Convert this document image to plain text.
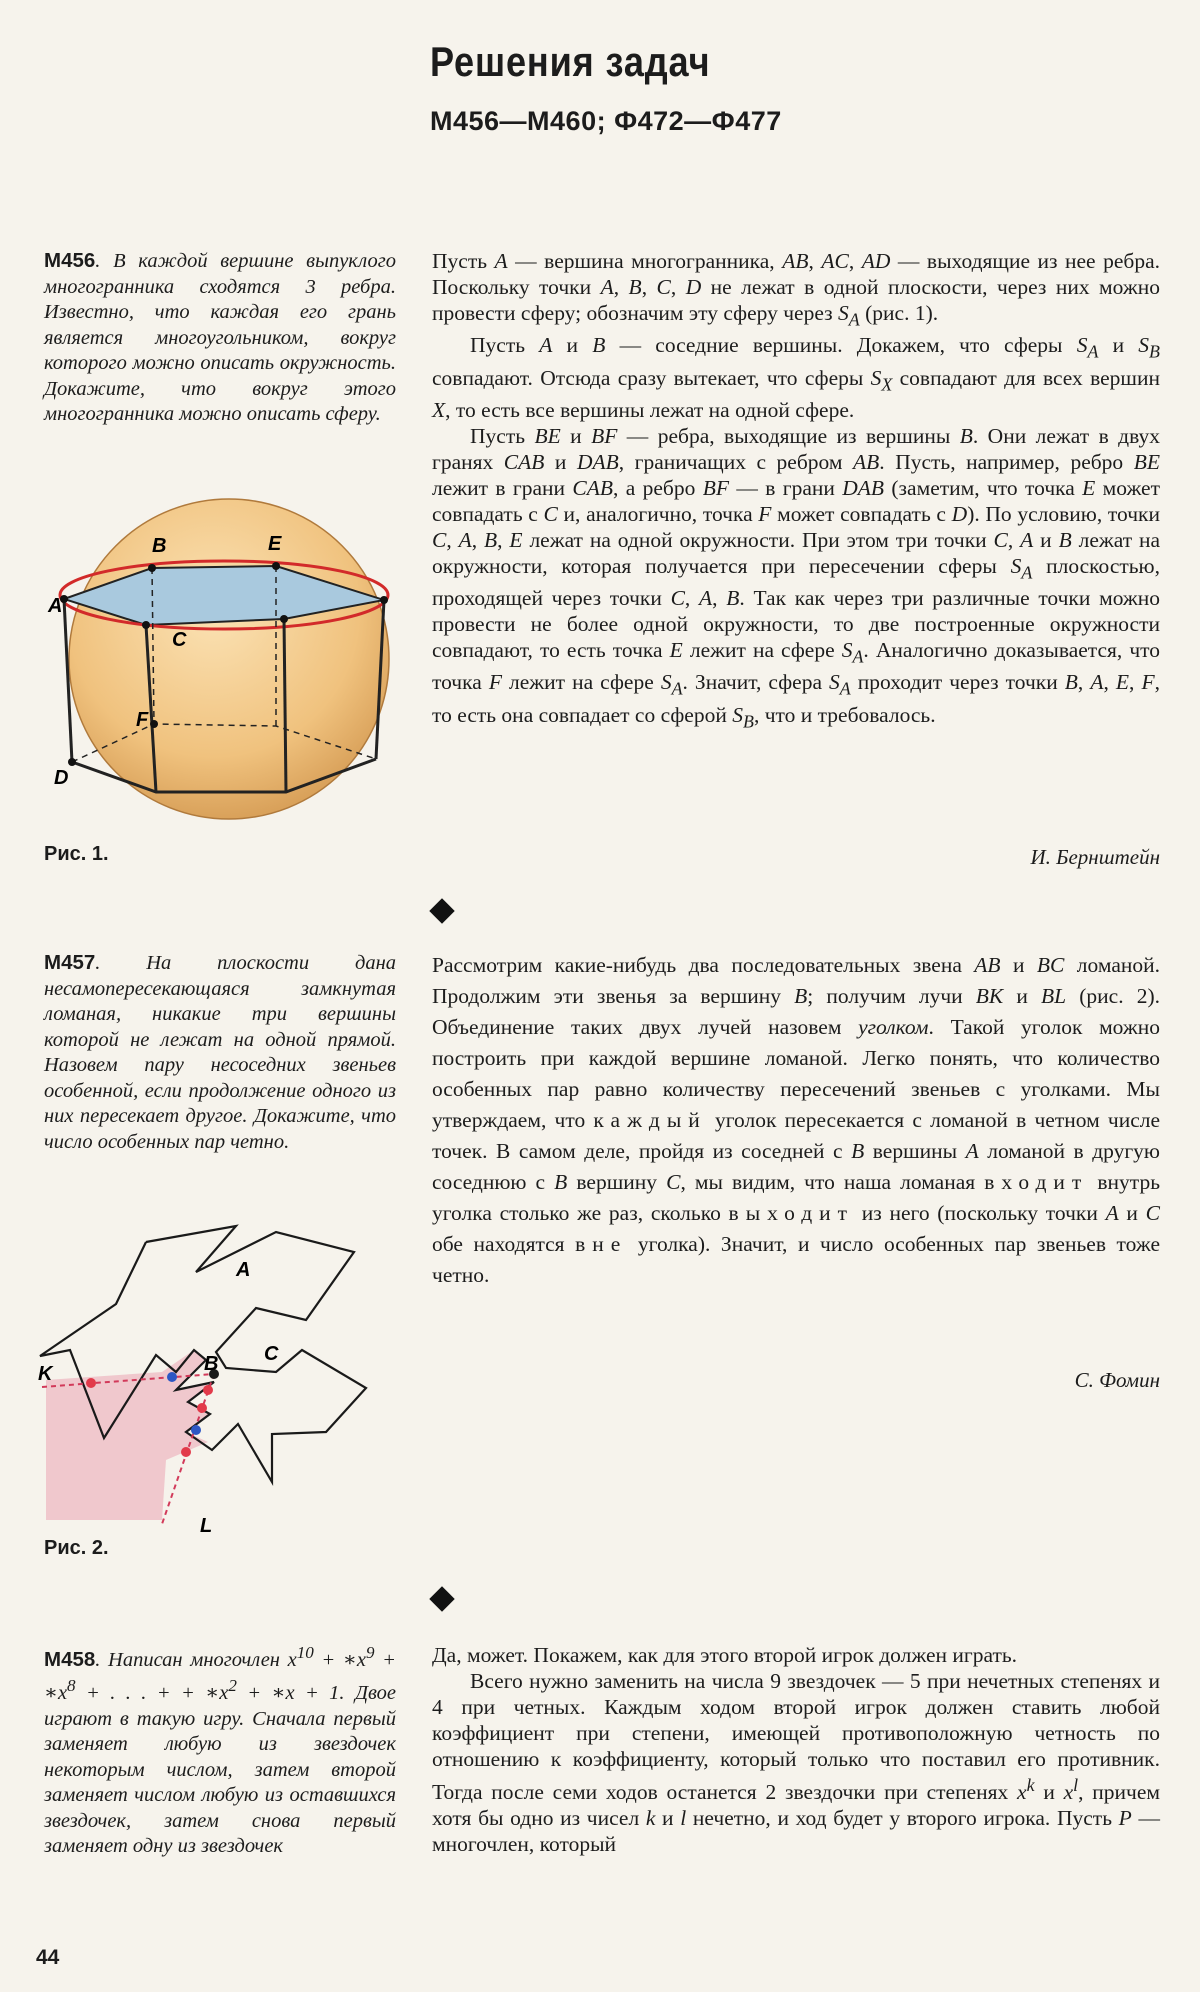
Решения задач
М456—М460; Ф472—Ф477
М456. В каждой вершине выпуклого многогранника сходятся 3 ребра. Известно, что каждая его грань является многоугольником, вокруг которого можно описать окружность. Докажите, что вокруг этого многогранника можно описать сферу.
B	E
A
C
F
D
Рис. 1.

Пусть A — вершина многогранника, AB, AC, AD — выходящие из нее ребра. Поскольку точки A, B, C, D не лежат в одной плоскости, через них можно провести сферу; обозначим эту сферу через $S_A$ (рис. 1).

Пусть A и B — соседние вершины. Докажем, что сферы $S_A$ и $S_B$ совпадают. Отсюда сразу вытекает, что сферы $S_X$ совпадают для всех вершин X, то есть все вершины лежат на одной сфере.

Пусть BE и BF — ребра, выходящие из вершины B. Они лежат в двух гранях CAB и DAB, граничащих с ребром AB. Пусть, например, ребро BE лежит в грани CAB, а ребро BF — в грани DAB (заметим, что точка E может совпадать с C и, аналогично, точка F может совпадать с D). По условию, точки C, A, B, E лежат на одной окружности. При этом три точки C, A и B лежат на окружности, которая получается при пересечении сферы $S_A$ плоскостью, проходящей через точки C, A, B. Так как через три различные точки можно провести не более одной окружности, то две построенные окружности совпадают, то есть точка E лежит на сфере $S_A$. Аналогично доказывается, что точка F лежит на сфере $S_A$. Значит, сфера $S_A$ проходит через точки B, A, E, F, то есть она совпадает со сферой $S_B$, что и требовалось.

И. Бернштейн
М457. На плоскости дана несамопересекающаяся замкнутая ломаная, никакие три вершины которой не лежат на одной прямой. Назовем пару несоседних звеньев особенной, если продолжение одного из них пересекает другое. Докажите, что число особенных пар четно.
A
B C
K
L
Рис. 2.

Рассмотрим какие-нибудь два последовательных звена AB и BC ломаной. Продолжим эти звенья за вершину B; получим лучи BK и BL (рис. 2). Объединение таких двух лучей назовем уголком. Такой уголок можно построить при каждой вершине ломаной. Легко понять, что количество особенных пар равно количеству пересечений звеньев с уголками. Мы утверждаем, что каждый уголок пересекается с ломаной в четном числе точек. В самом деле, пройдя из соседней с B вершины A ломаной в другую соседнюю с B вершину C, мы видим, что наша ломаная входит внутрь уголка столько же раз, сколько выходит из него (поскольку точки A и C обе находятся вне уголка). Значит, и число особенных пар звеньев тоже четно.

С. Фомин
М458. Написан многочлен $x^{10}$ + $∗x^9$ + $∗x^8$ + . . . + + $∗x^2$ + ∗x + 1. Двое играют в такую игру. Сначала первый заменяет любую из звездочек некоторым числом, затем второй заменяет числом любую из оставшихся звездочек, затем снова первый заменяет одну из звездочек

Да, может. Покажем, как для этого второй игрок должен играть.

Всего нужно заменить на числа 9 звездочек — 5 при нечетных степенях и 4 при четных. Каждым ходом второй игрок должен ставить любой коэффициент при степени, имеющей противоположную четность по отношению к коэффициенту, который только что поставил его противник. Тогда после семи ходов останется 2 звездочки при степенях $x^k$ и $x^l$, причем хотя бы одно из чисел k и l нечетно, и ход будет у второго игрока. Пусть P — многочлен, который

44
